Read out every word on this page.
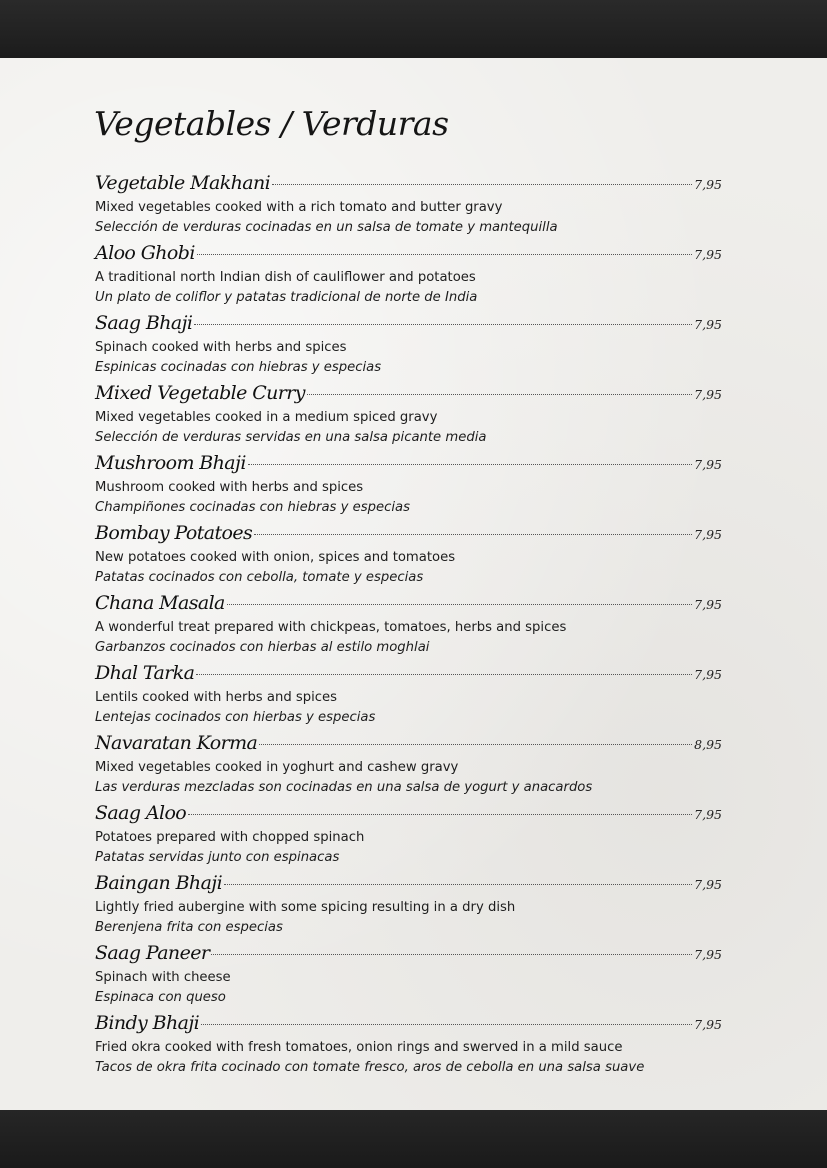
Vegetables / Verduras
Vegetable Makhani	7,95
Mixed vegetables cooked with a rich tomato and butter gravy
Selección de verduras cocinadas en un salsa de tomate y mantequilla
Aloo Ghobi	7,95
A traditional north Indian dish of cauliflower and potatoes
Un plato de coliflor y patatas tradicional de norte de India
Saag Bhaji	7,95
Spinach cooked with herbs and spices
Espinicas cocinadas con hiebras y especias
Mixed Vegetable Curry	7,95
Mixed vegetables cooked in a medium spiced gravy
Selección de verduras servidas en una salsa picante media
Mushroom Bhaji	7,95
Mushroom cooked with herbs and spices
Champiñones cocinadas con hiebras y especias
Bombay Potatoes	7,95
New potatoes cooked with onion, spices and tomatoes
Patatas cocinados con cebolla, tomate y especias
Chana Masala	7,95
A wonderful treat prepared with chickpeas, tomatoes, herbs and spices
Garbanzos cocinados con hierbas al estilo moghlai
Dhal Tarka	7,95
Lentils cooked with herbs and spices
Lentejas cocinados con hierbas y especias
Navaratan Korma	8,95
Mixed vegetables cooked in yoghurt and cashew gravy
Las verduras mezcladas son cocinadas en una salsa de yogurt y anacardos
Saag Aloo	7,95
Potatoes prepared with chopped spinach
Patatas servidas junto con espinacas
Baingan Bhaji	7,95
Lightly fried aubergine with some spicing resulting in a dry dish
Berenjena frita con especias
Saag Paneer	7,95
Spinach with cheese
Espinaca con queso
Bindy Bhaji	7,95
Fried okra cooked with fresh tomatoes, onion rings and swerved in a mild sauce
Tacos de okra frita cocinado con tomate fresco, aros de cebolla en una salsa suave
